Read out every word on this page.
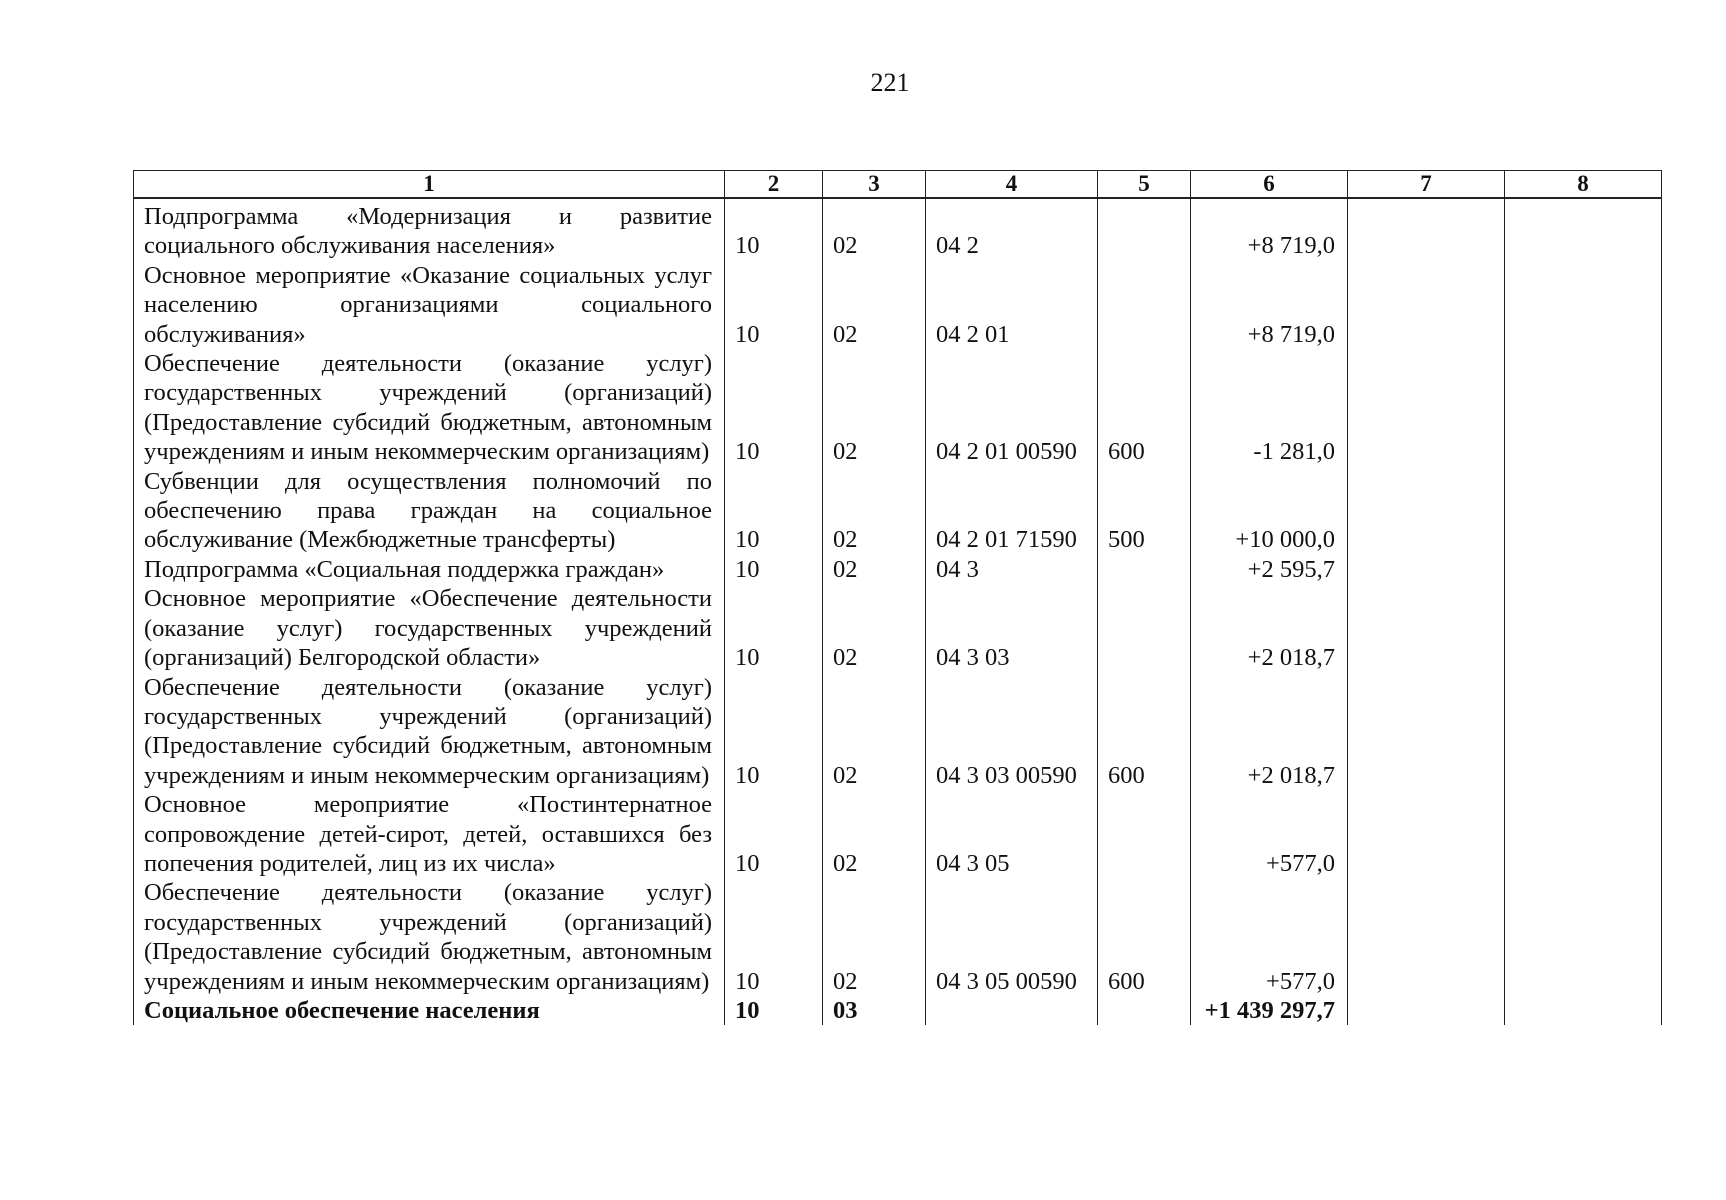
221
1	2	3	4	5	6	7	8
Подпрограмма «Модернизация и развитие социального обслуживания населения»	10	02	04 2		+8 719,0		
Основное мероприятие «Оказание социальных услуг населению организациями социального обслуживания»	10	02	04 2 01		+8 719,0		
Обеспечение деятельности (оказание услуг) государственных учреждений (организаций) (Предоставление субсидий бюджетным, автономным учреждениям и иным некоммерческим организациям)	10	02	04 2 01 00590	600	-1 281,0		
Субвенции для осуществления полномочий по обеспечению права граждан на социальное обслуживание (Межбюджетные трансферты)	10	02	04 2 01 71590	500	+10 000,0		
Подпрограмма «Социальная поддержка граждан»	10	02	04 3		+2 595,7		
Основное мероприятие «Обеспечение деятельности (оказание услуг) государственных учреждений (организаций) Белгородской области»	10	02	04 3 03		+2 018,7		
Обеспечение деятельности (оказание услуг) государственных учреждений (организаций) (Предоставление субсидий бюджетным, автономным учреждениям и иным некоммерческим организациям)	10	02	04 3 03 00590	600	+2 018,7		
Основное мероприятие «Постинтернатное сопровождение детей-сирот, детей, оставшихся без попечения родителей, лиц из их числа»	10	02	04 3 05		+577,0		
Обеспечение деятельности (оказание услуг) государственных учреждений (организаций) (Предоставление субсидий бюджетным, автономным учреждениям и иным некоммерческим организациям)	10	02	04 3 05 00590	600	+577,0		
Социальное обеспечение населения	10	03			+1 439 297,7		
